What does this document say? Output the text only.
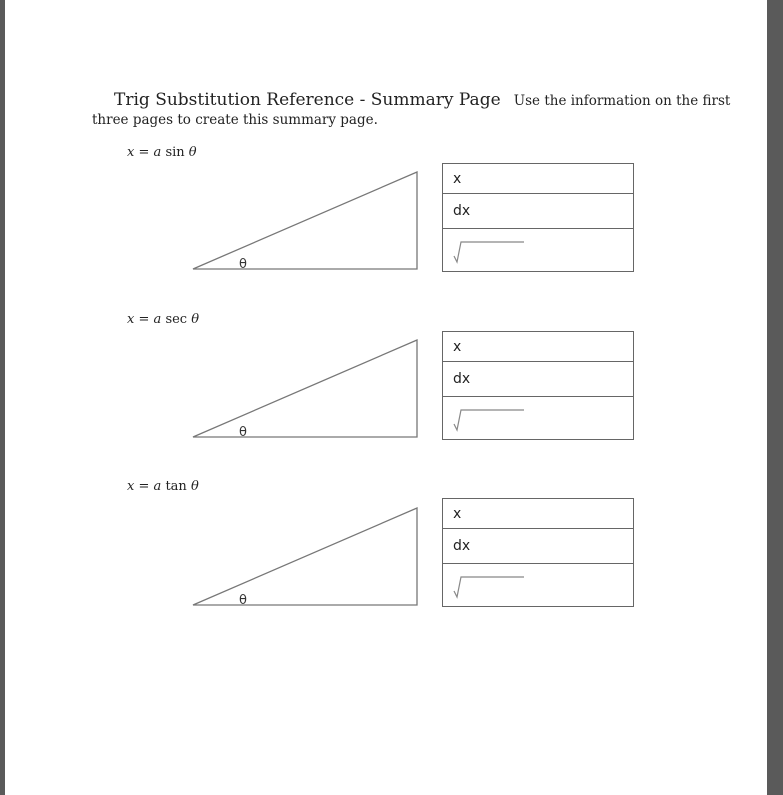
Trig Substitution Reference - Summary Page Use the information on the first
three pages to create this summary page.
x = a sin θ
θ
x
dx
x = a sec θ
θ
x
dx
x = a tan θ
θ
x
dx
